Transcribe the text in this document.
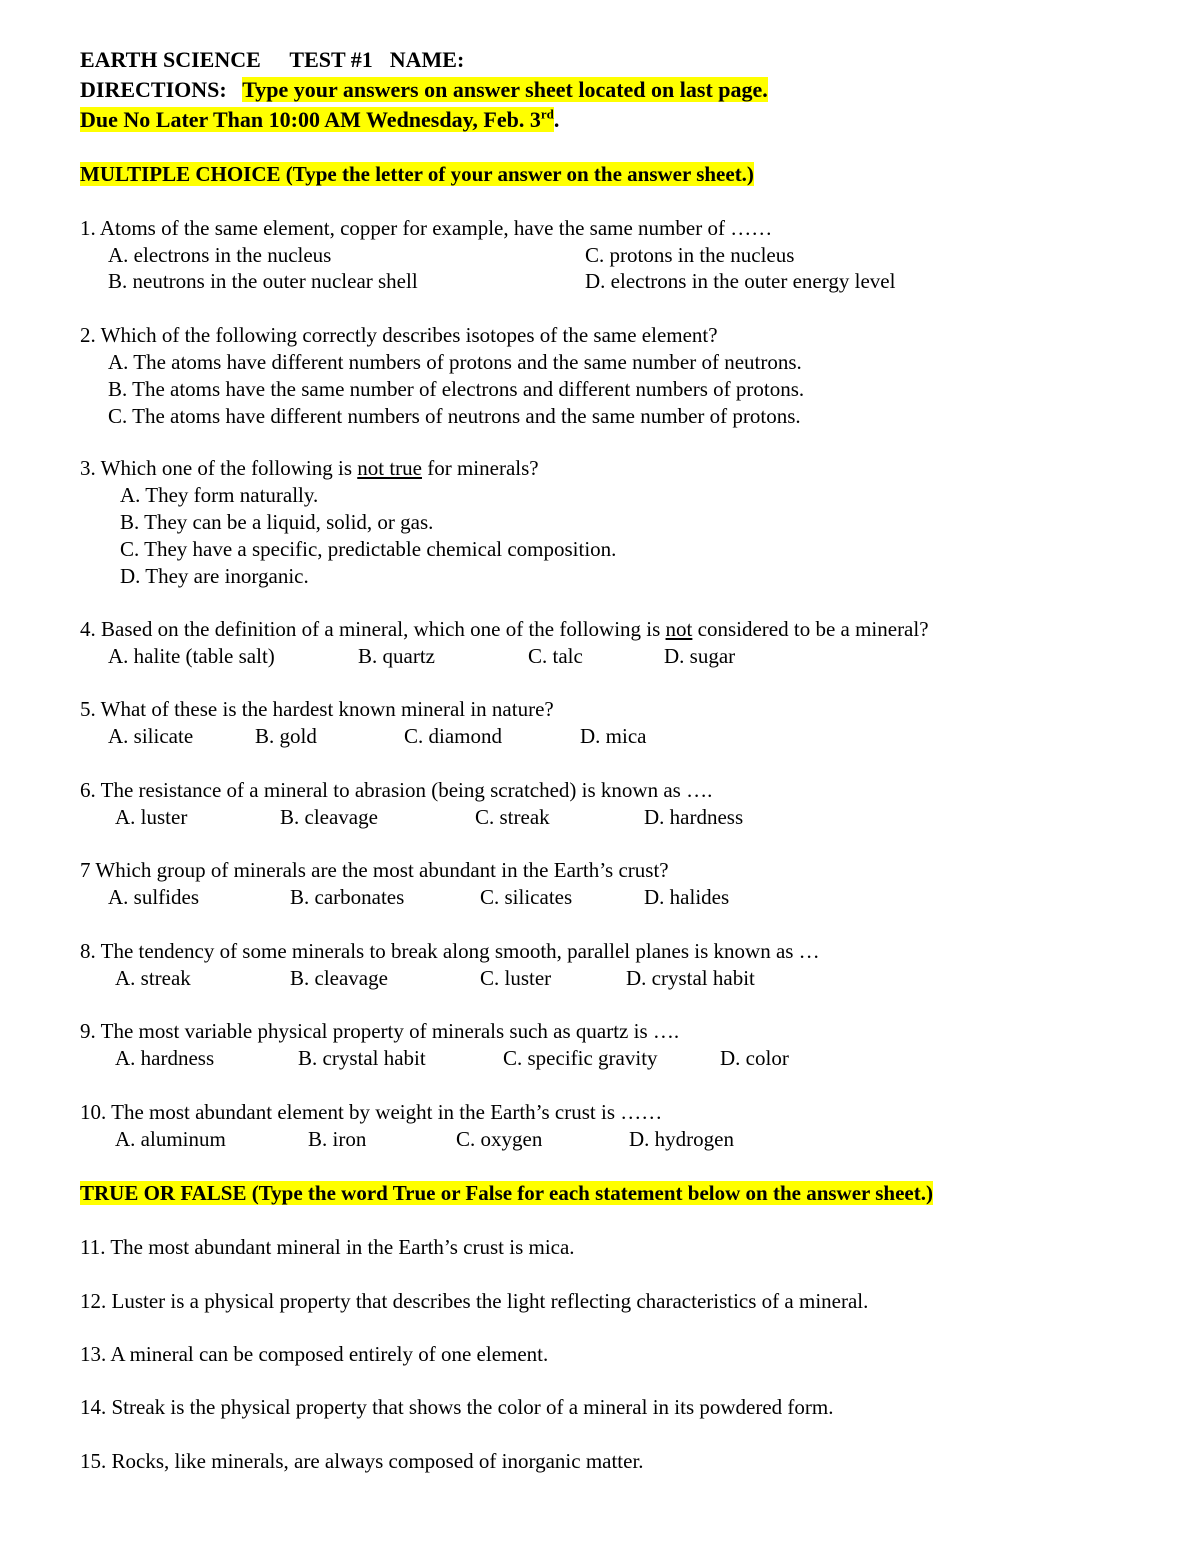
EARTH SCIENCE TEST #1 NAME:
DIRECTIONS: Type your answers on answer sheet located on last page.
Due No Later Than 10:00 AM Wednesday, Feb. 3rd.
MULTIPLE CHOICE (Type the letter of your answer on the answer sheet.)
1. Atoms of the same element, copper for example, have the same number of ……
A. electrons in the nucleus	C. protons in the nucleus
B. neutrons in the outer nuclear shell	D. electrons in the outer energy level
2. Which of the following correctly describes isotopes of the same element?
A. The atoms have different numbers of protons and the same number of neutrons.
B. The atoms have the same number of electrons and different numbers of protons.
C. The atoms have different numbers of neutrons and the same number of protons.
3. Which one of the following is not true for minerals?
A. They form naturally.
B. They can be a liquid, solid, or gas.
C. They have a specific, predictable chemical composition.
D. They are inorganic.
4. Based on the definition of a mineral, which one of the following is not considered to be a mineral?
A. halite (table salt)	B. quartz	C. talc	D. sugar
5. What of these is the hardest known mineral in nature?
A. silicate	B. gold	C. diamond	D. mica
6. The resistance of a mineral to abrasion (being scratched) is known as ….
A. luster	B. cleavage	C. streak	D. hardness
7 Which group of minerals are the most abundant in the Earth’s crust?
A. sulfides	B. carbonates	C. silicates	D. halides
8. The tendency of some minerals to break along smooth, parallel planes is known as …
A. streak	B. cleavage	C. luster	D. crystal habit
9. The most variable physical property of minerals such as quartz is ….
A. hardness	B. crystal habit	C. specific gravity	D. color
10. The most abundant element by weight in the Earth’s crust is ……
A. aluminum	B. iron	C. oxygen	D. hydrogen
TRUE OR FALSE (Type the word True or False for each statement below on the answer sheet.)
11. The most abundant mineral in the Earth’s crust is mica.
12. Luster is a physical property that describes the light reflecting characteristics of a mineral.
13. A mineral can be composed entirely of one element.
14. Streak is the physical property that shows the color of a mineral in its powdered form.
15. Rocks, like minerals, are always composed of inorganic matter.
